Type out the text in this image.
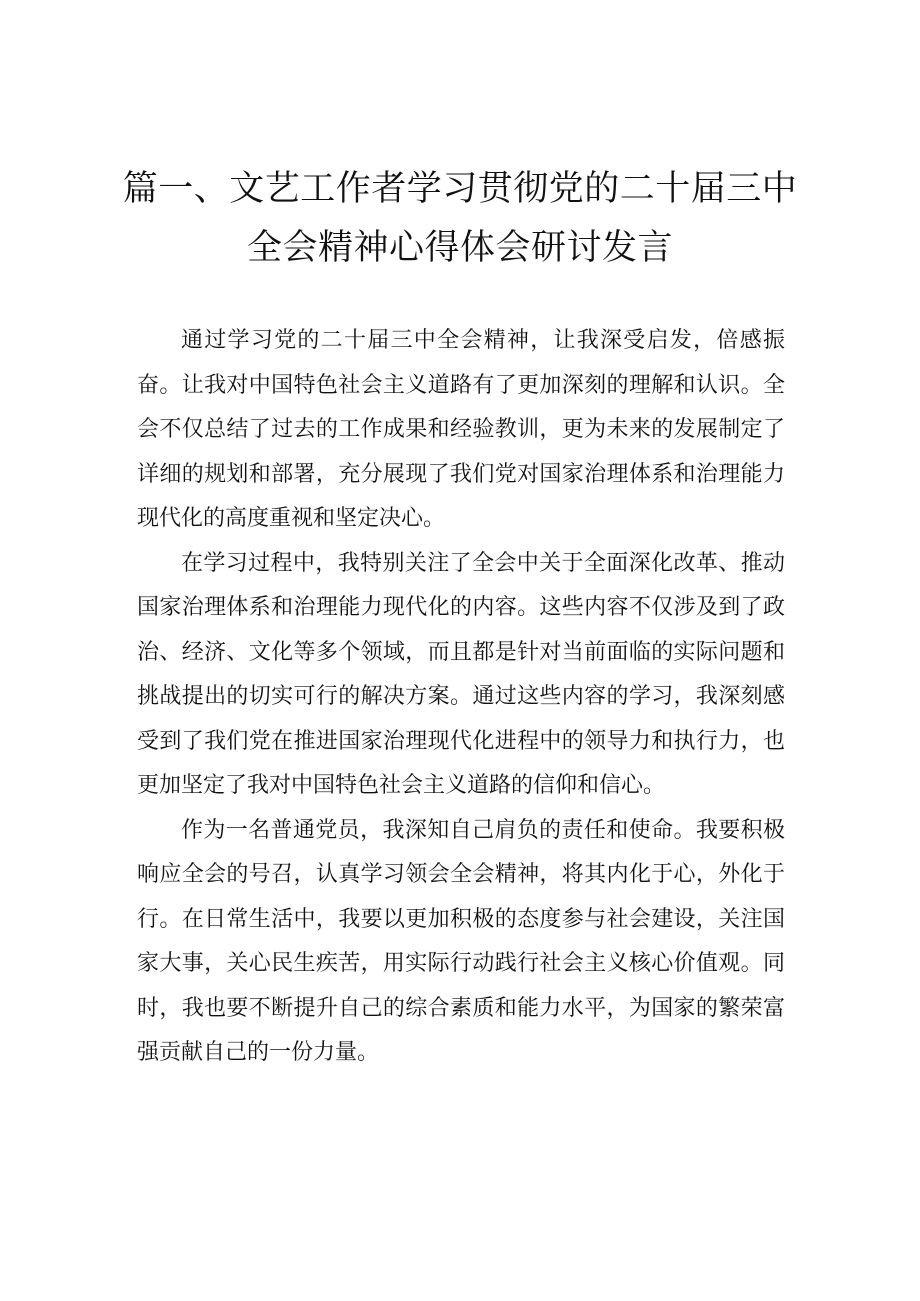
篇一、文艺工作者学习贯彻党的二十届三中
全会精神心得体会研讨发言

通过学习党的二十届三中全会精神，让我深受启发，倍感振奋。让我对中国特色社会主义道路有了更加深刻的理解和认识。全会不仅总结了过去的工作成果和经验教训，更为未来的发展制定了详细的规划和部署，充分展现了我们党对国家治理体系和治理能力现代化的高度重视和坚定决心。

在学习过程中，我特别关注了全会中关于全面深化改革、推动国家治理体系和治理能力现代化的内容。这些内容不仅涉及到了政治、经济、文化等多个领域，而且都是针对当前面临的实际问题和挑战提出的切实可行的解决方案。通过这些内容的学习，我深刻感受到了我们党在推进国家治理现代化进程中的领导力和执行力，也更加坚定了我对中国特色社会主义道路的信仰和信心。

作为一名普通党员，我深知自己肩负的责任和使命。我要积极响应全会的号召，认真学习领会全会精神，将其内化于心，外化于行。在日常生活中，我要以更加积极的态度参与社会建设，关注国家大事，关心民生疾苦，用实际行动践行社会主义核心价值观。同时，我也要不断提升自己的综合素质和能力水平，为国家的繁荣富强贡献自己的一份力量。
